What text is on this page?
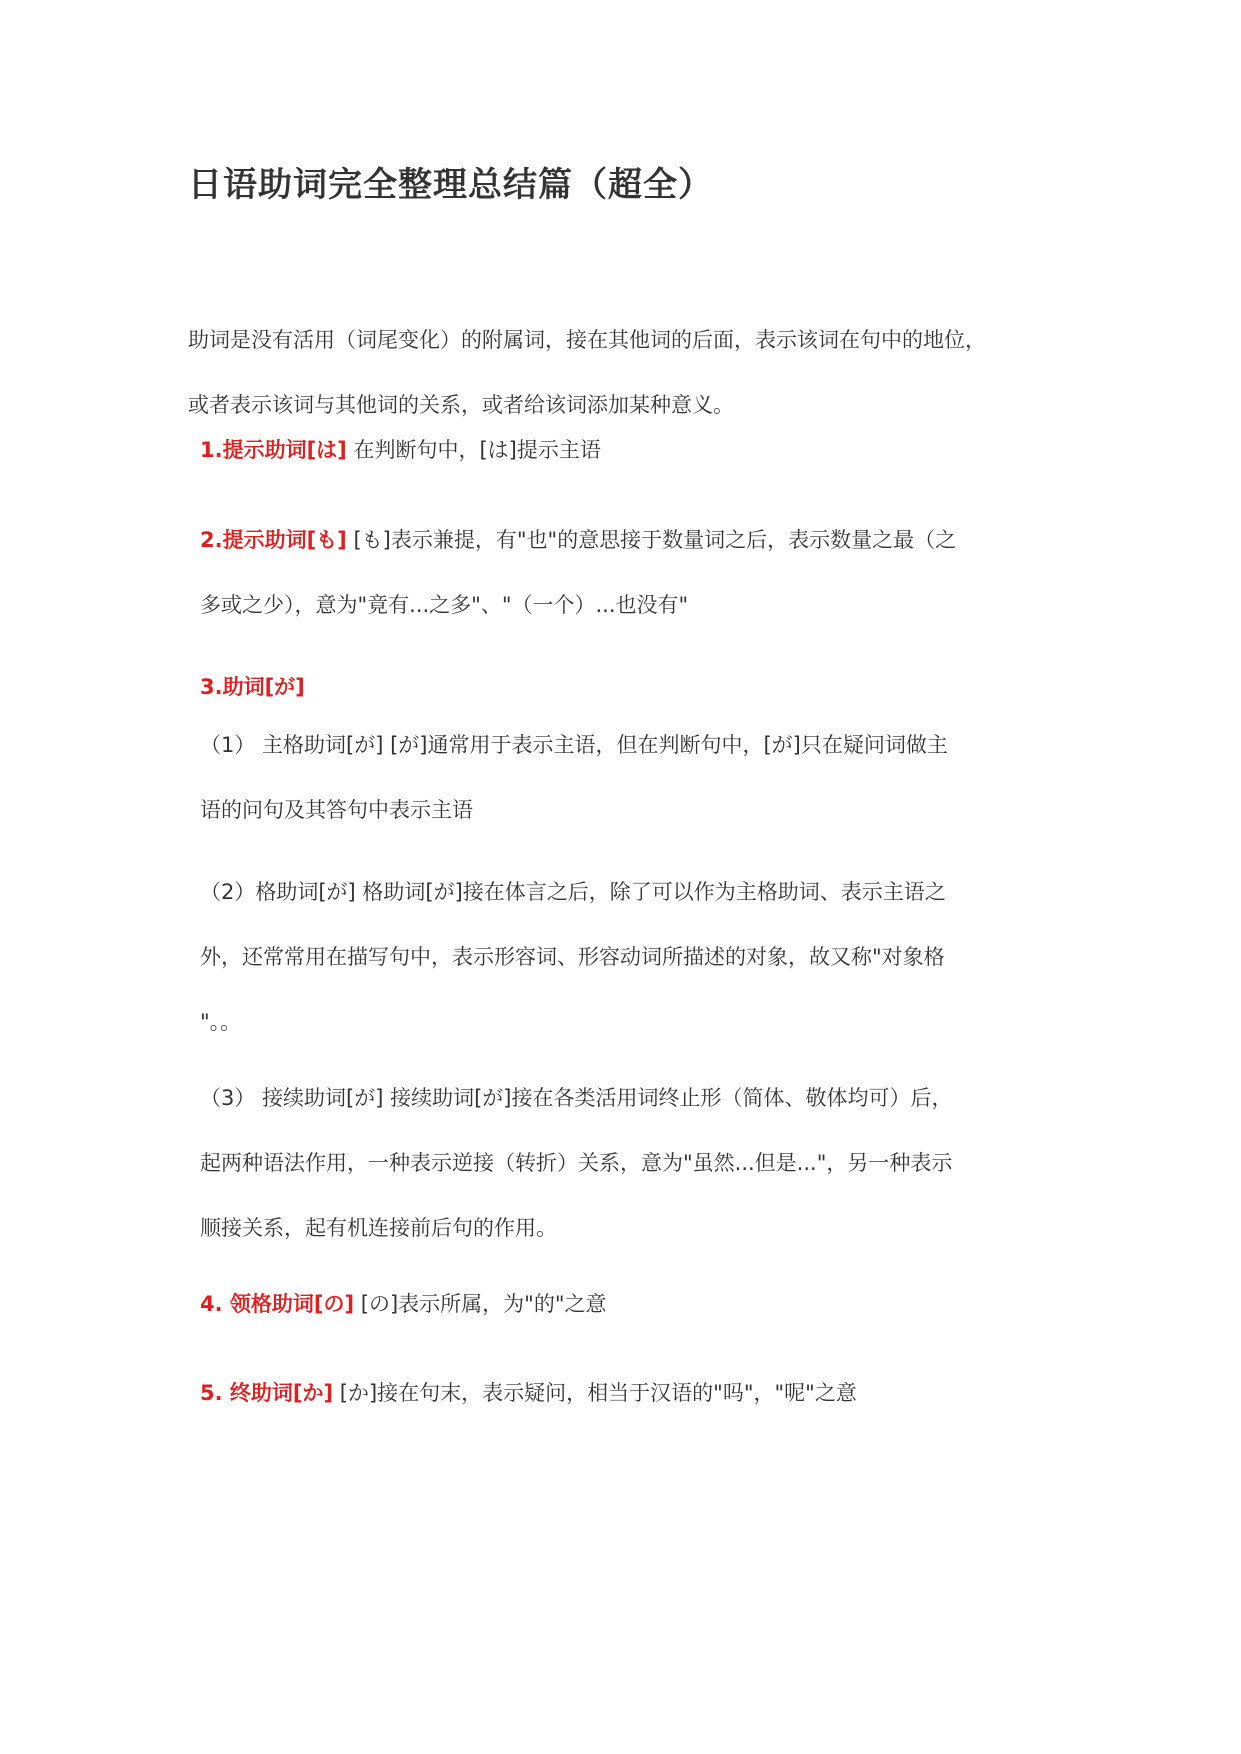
日语助词完全整理总结篇（超全）

助词是没有活用（词尾变化）的附属词，接在其他词的后面，表示该词在句中的地位，
或者表示该词与其他词的关系，或者给该词添加某种意义。

1.提示助词[は] 在判断句中，[は]提示主语

2.提示助词[も] [も]表示兼提，有"也"的意思接于数量词之后，表示数量之最（之
多或之少），意为"竟有...之多"、"（一个）...也没有"

3.助词[が]

（1） 主格助词[が] [が]通常用于表示主语，但在判断句中，[が]只在疑问词做主
语的问句及其答句中表示主语

（2）格助词[が] 格助词[が]接在体言之后，除了可以作为主格助词、表示主语之
外，还常常用在描写句中，表示形容词、形容动词所描述的对象，故又称"对象格
"。。

（3） 接续助词[が] 接续助词[が]接在各类活用词终止形（简体、敬体均可）后，
起两种语法作用，一种表示逆接（转折）关系，意为"虽然...但是..."，另一种表示
顺接关系，起有机连接前后句的作用。

4. 领格助词[の] [の]表示所属，为"的"之意

5. 终助词[か] [か]接在句末，表示疑问，相当于汉语的"吗"，"呢"之意
